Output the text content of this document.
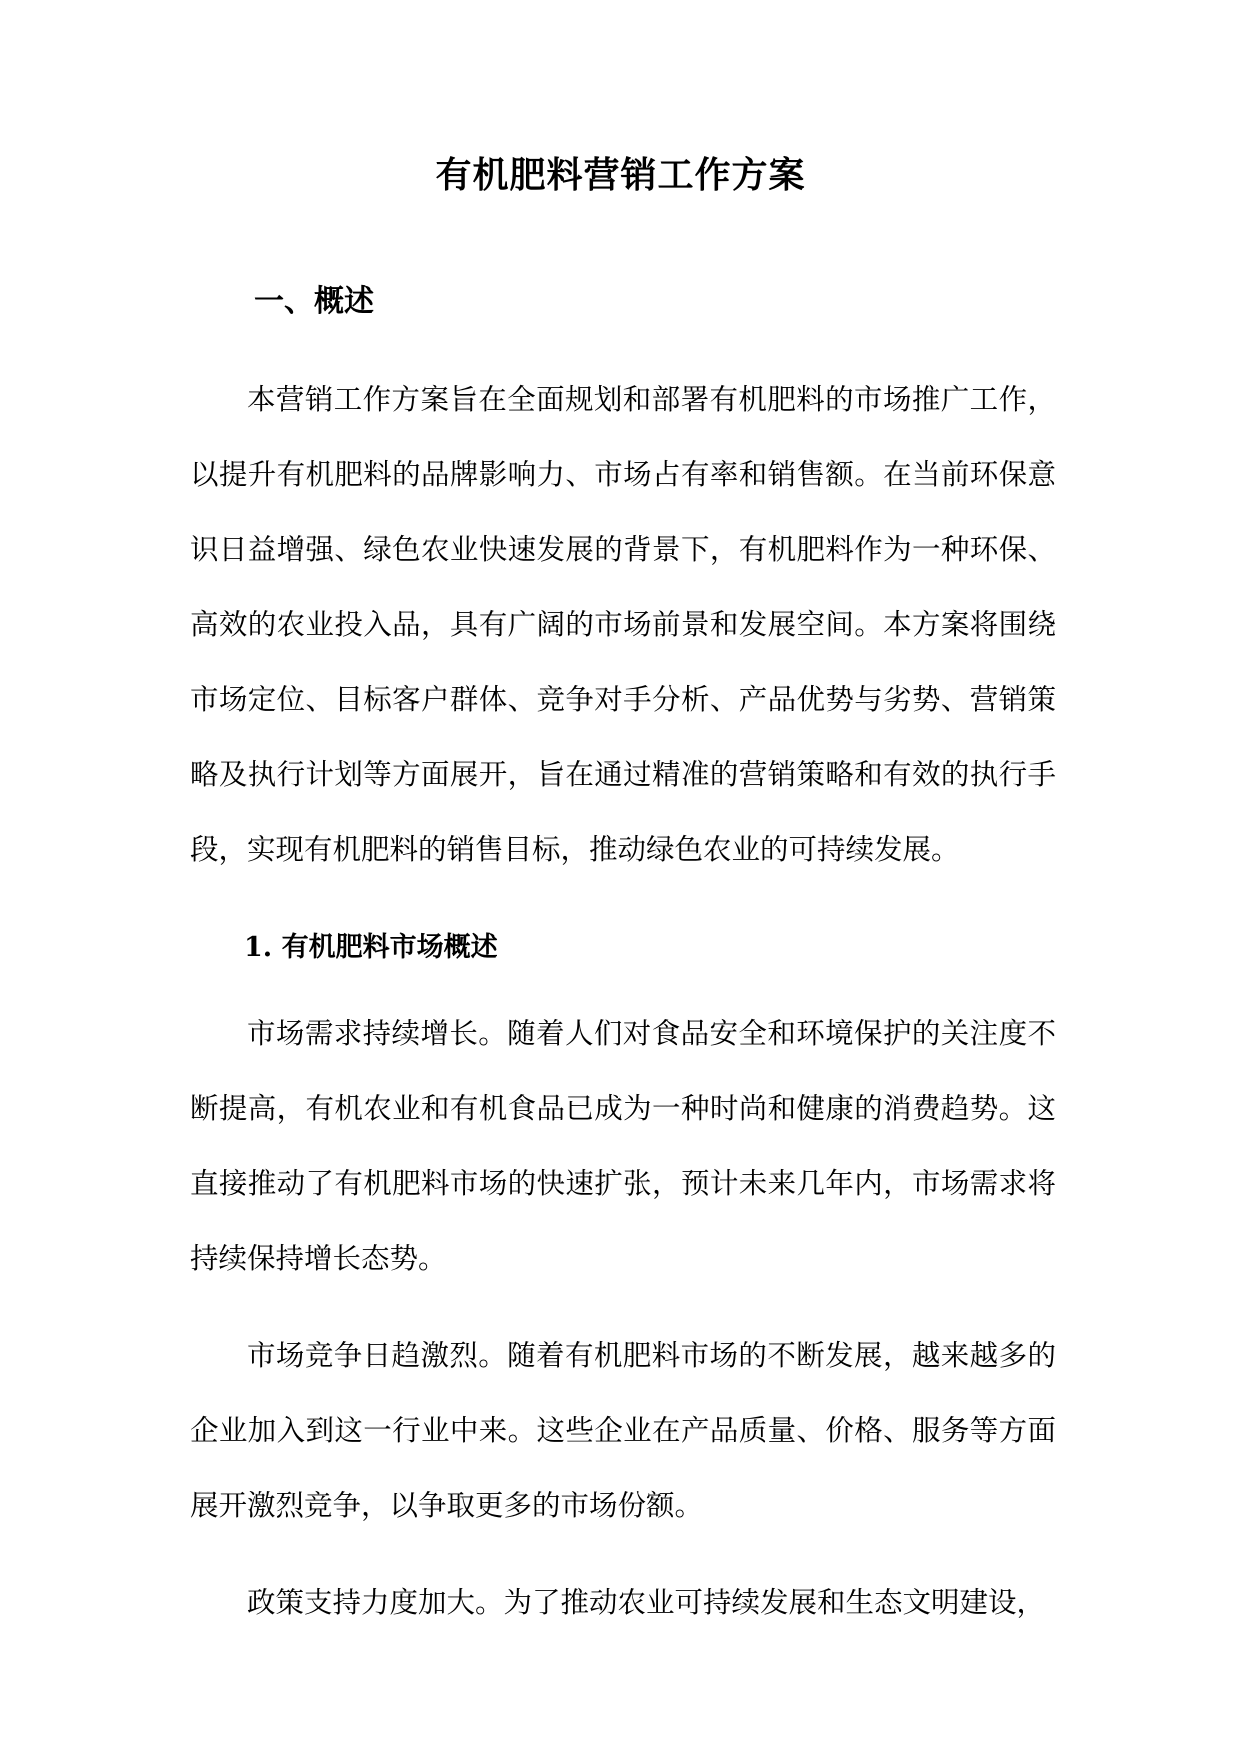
有机肥料营销工作方案
一、概述

本营销工作方案旨在全面规划和部署有机肥料的市场推广工作，以提升有机肥料的品牌影响力、市场占有率和销售额。在当前环保意识日益增强、绿色农业快速发展的背景下，有机肥料作为一种环保、高效的农业投入品，具有广阔的市场前景和发展空间。本方案将围绕市场定位、目标客户群体、竞争对手分析、产品优势与劣势、营销策略及执行计划等方面展开，旨在通过精准的营销策略和有效的执行手段，实现有机肥料的销售目标，推动绿色农业的可持续发展。

1. 有机肥料市场概述

市场需求持续增长。随着人们对食品安全和环境保护的关注度不断提高，有机农业和有机食品已成为一种时尚和健康的消费趋势。这直接推动了有机肥料市场的快速扩张，预计未来几年内，市场需求将持续保持增长态势。

市场竞争日趋激烈。随着有机肥料市场的不断发展，越来越多的企业加入到这一行业中来。这些企业在产品质量、价格、服务等方面展开激烈竞争，以争取更多的市场份额。

政策支持力度加大。为了推动农业可持续发展和生态文明建设，
